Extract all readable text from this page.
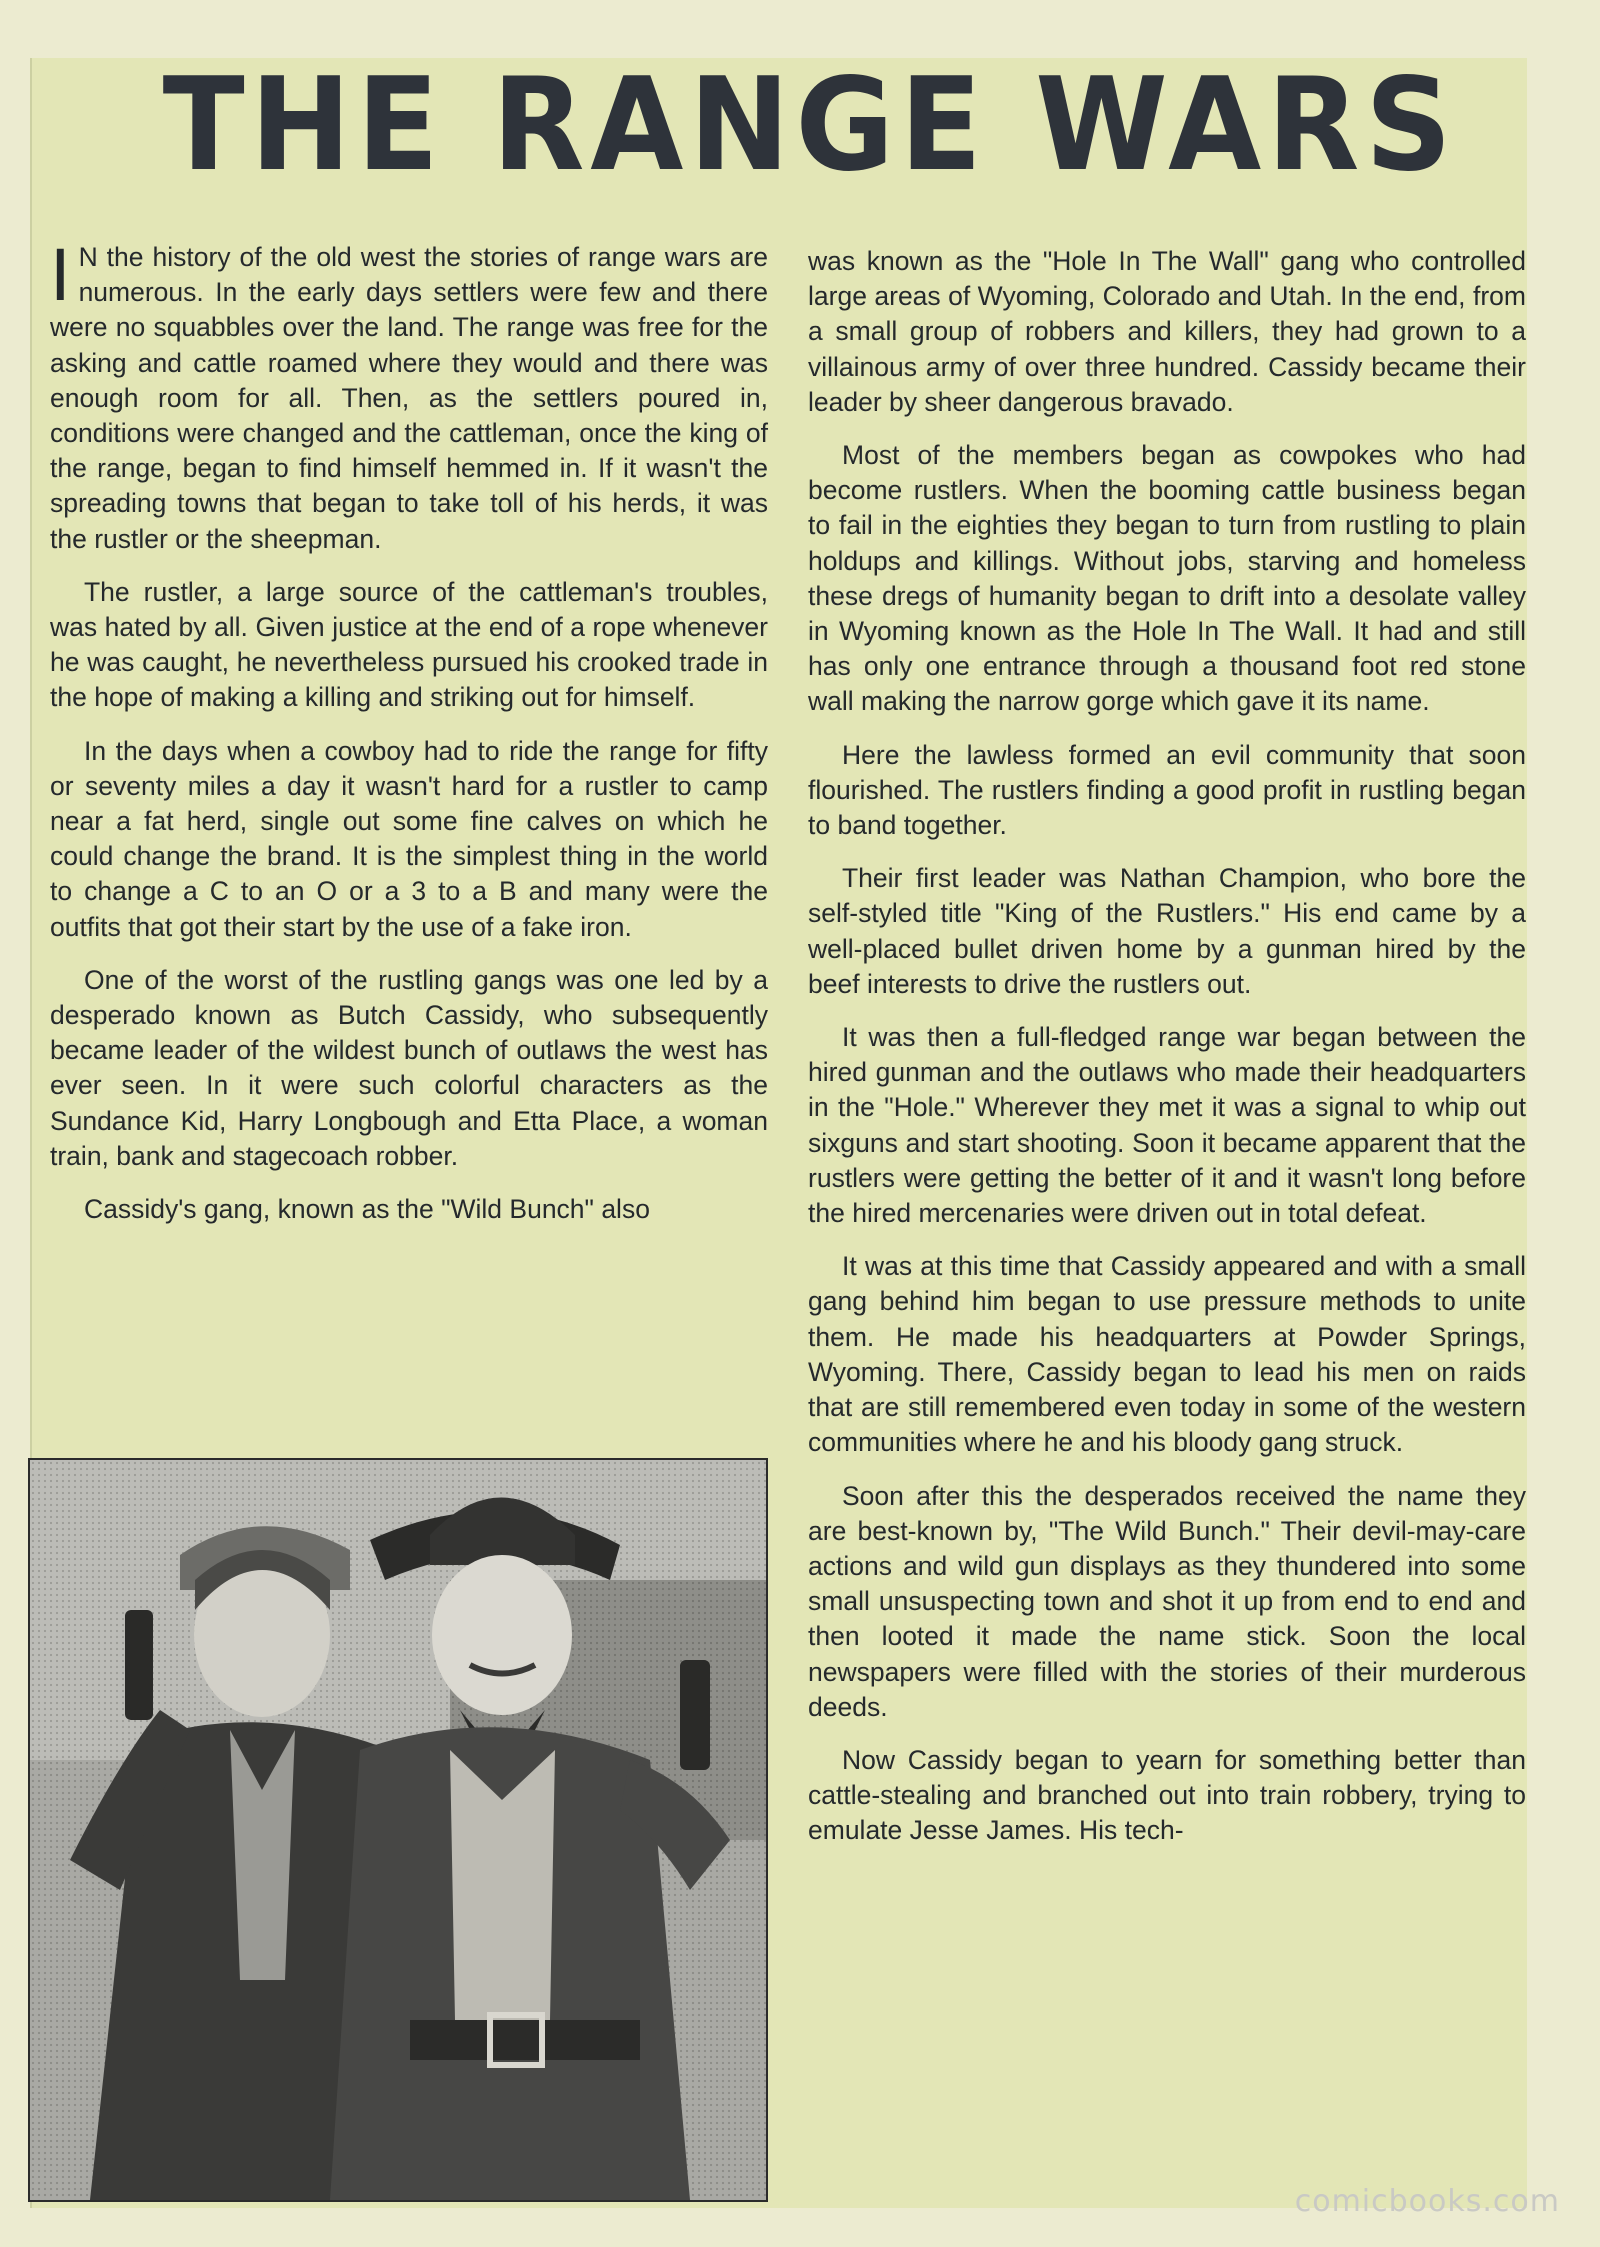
THE RANGE WARS

I N the history of the old west the stories of range wars are numerous. In the early days settlers were few and there were no squabbles over the land. The range was free for the asking and cattle roamed where they would and there was enough room for all. Then, as the settlers poured in, conditions were changed and the cattleman, once the king of the range, began to find himself hemmed in. If it wasn't the spreading towns that began to take toll of his herds, it was the rustler or the sheepman.

The rustler, a large source of the cattleman's troubles, was hated by all. Given justice at the end of a rope whenever he was caught, he nevertheless pursued his crooked trade in the hope of making a killing and striking out for himself.

In the days when a cowboy had to ride the range for fifty or seventy miles a day it wasn't hard for a rustler to camp near a fat herd, single out some fine calves on which he could change the brand. It is the simplest thing in the world to change a C to an O or a 3 to a B and many were the outfits that got their start by the use of a fake iron.

One of the worst of the rustling gangs was one led by a desperado known as Butch Cassidy, who subsequently became leader of the wildest bunch of outlaws the west has ever seen. In it were such colorful characters as the Sundance Kid, Harry Longbough and Etta Place, a woman train, bank and stagecoach robber.

Cassidy's gang, known as the "Wild Bunch" also

was known as the "Hole In The Wall" gang who controlled large areas of Wyoming, Colorado and Utah. In the end, from a small group of robbers and killers, they had grown to a villainous army of over three hundred. Cassidy became their leader by sheer dangerous bravado.

Most of the members began as cowpokes who had become rustlers. When the booming cattle business began to fail in the eighties they began to turn from rustling to plain holdups and killings. Without jobs, starving and homeless these dregs of humanity began to drift into a desolate valley in Wyoming known as the Hole In The Wall. It had and still has only one entrance through a thousand foot red stone wall making the narrow gorge which gave it its name.

Here the lawless formed an evil community that soon flourished. The rustlers finding a good profit in rustling began to band together.

Their first leader was Nathan Champion, who bore the self-styled title "King of the Rustlers." His end came by a well-placed bullet driven home by a gunman hired by the beef interests to drive the rustlers out.

It was then a full-fledged range war began between the hired gunman and the outlaws who made their headquarters in the "Hole." Wherever they met it was a signal to whip out sixguns and start shooting. Soon it became apparent that the rustlers were getting the better of it and it wasn't long before the hired mercenaries were driven out in total defeat.

It was at this time that Cassidy appeared and with a small gang behind him began to use pressure methods to unite them. He made his headquarters at Powder Springs, Wyoming. There, Cassidy began to lead his men on raids that are still remembered even today in some of the western communities where he and his bloody gang struck.

Soon after this the desperados received the name they are best-known by, "The Wild Bunch." Their devil-may-care actions and wild gun displays as they thundered into some small unsuspecting town and shot it up from end to end and then looted it made the name stick. Soon the local newspapers were filled with the stories of their murderous deeds.

Now Cassidy began to yearn for something better than cattle-stealing and branched out into train robbery, trying to emulate Jesse James. His tech-

comicbooks.com
